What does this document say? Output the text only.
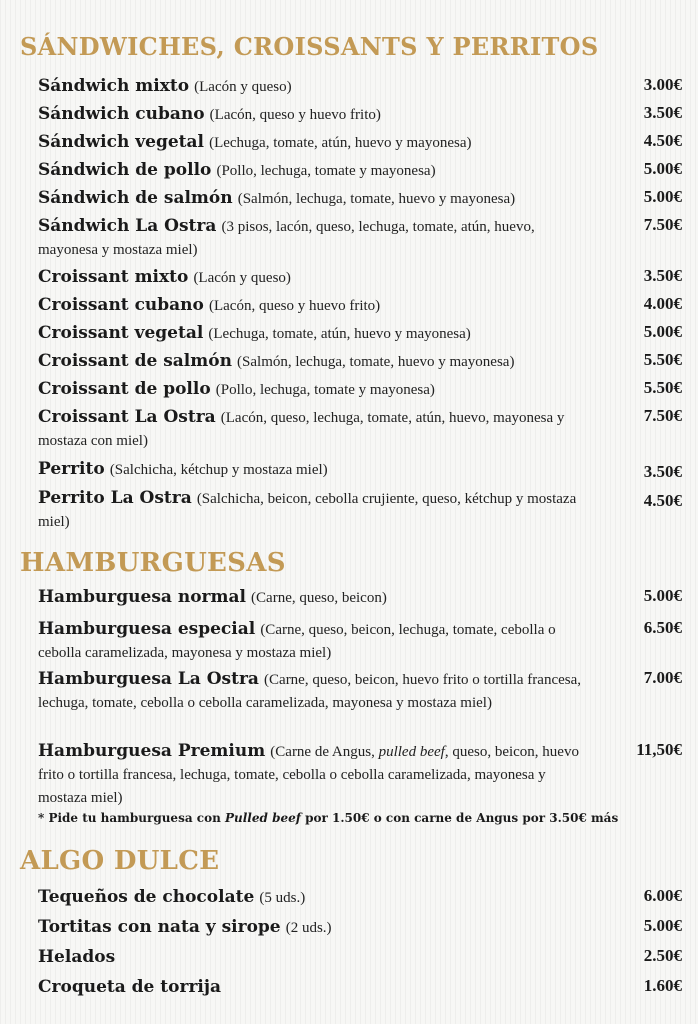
SÁNDWICHES, CROISSANTS Y PERRITOS
Sándwich mixto (Lacón y queso)	3.00€
Sándwich cubano (Lacón, queso y huevo frito)	3.50€
Sándwich vegetal (Lechuga, tomate, atún, huevo y mayonesa)	4.50€
Sándwich de pollo (Pollo, lechuga, tomate y mayonesa)	5.00€
Sándwich de salmón (Salmón, lechuga, tomate, huevo y mayonesa)	5.00€
Sándwich La Ostra (3 pisos, lacón, queso, lechuga, tomate, atún, huevo, mayonesa y mostaza miel)
7.50€
Croissant mixto (Lacón y queso)	3.50€
Croissant cubano (Lacón, queso y huevo frito)	4.00€
Croissant vegetal (Lechuga, tomate, atún, huevo y mayonesa)	5.00€
Croissant de salmón (Salmón, lechuga, tomate, huevo y mayonesa)	5.50€
Croissant de pollo (Pollo, lechuga, tomate y mayonesa)	5.50€
Croissant La Ostra (Lacón, queso, lechuga, tomate, atún, huevo, mayonesa y mostaza con miel)
7.50€
Perrito (Salchicha, kétchup y mostaza miel)	3.50€
Perrito La Ostra (Salchicha, beicon, cebolla crujiente, queso, kétchup y mostaza miel)
4.50€
HAMBURGUESAS
Hamburguesa normal (Carne, queso, beicon)	5.00€
Hamburguesa especial (Carne, queso, beicon, lechuga, tomate, cebolla o cebolla caramelizada, mayonesa y mostaza miel)
6.50€
Hamburguesa La Ostra (Carne, queso, beicon, huevo frito o tortilla francesa, lechuga, tomate, cebolla o cebolla caramelizada, mayonesa y mostaza miel)
7.00€
Hamburguesa Premium (Carne de Angus, pulled beef, queso, beicon, huevo frito o tortilla francesa, lechuga, tomate, cebolla o cebolla caramelizada, mayonesa y mostaza miel)
11,50€
* Pide tu hamburguesa con Pulled beef por 1.50€ o con carne de Angus por 3.50€ más
ALGO DULCE
Tequeños de chocolate (5 uds.)	6.00€
Tortitas con nata y sirope (2 uds.)	5.00€
Helados	2.50€
Croqueta de torrija	1.60€
